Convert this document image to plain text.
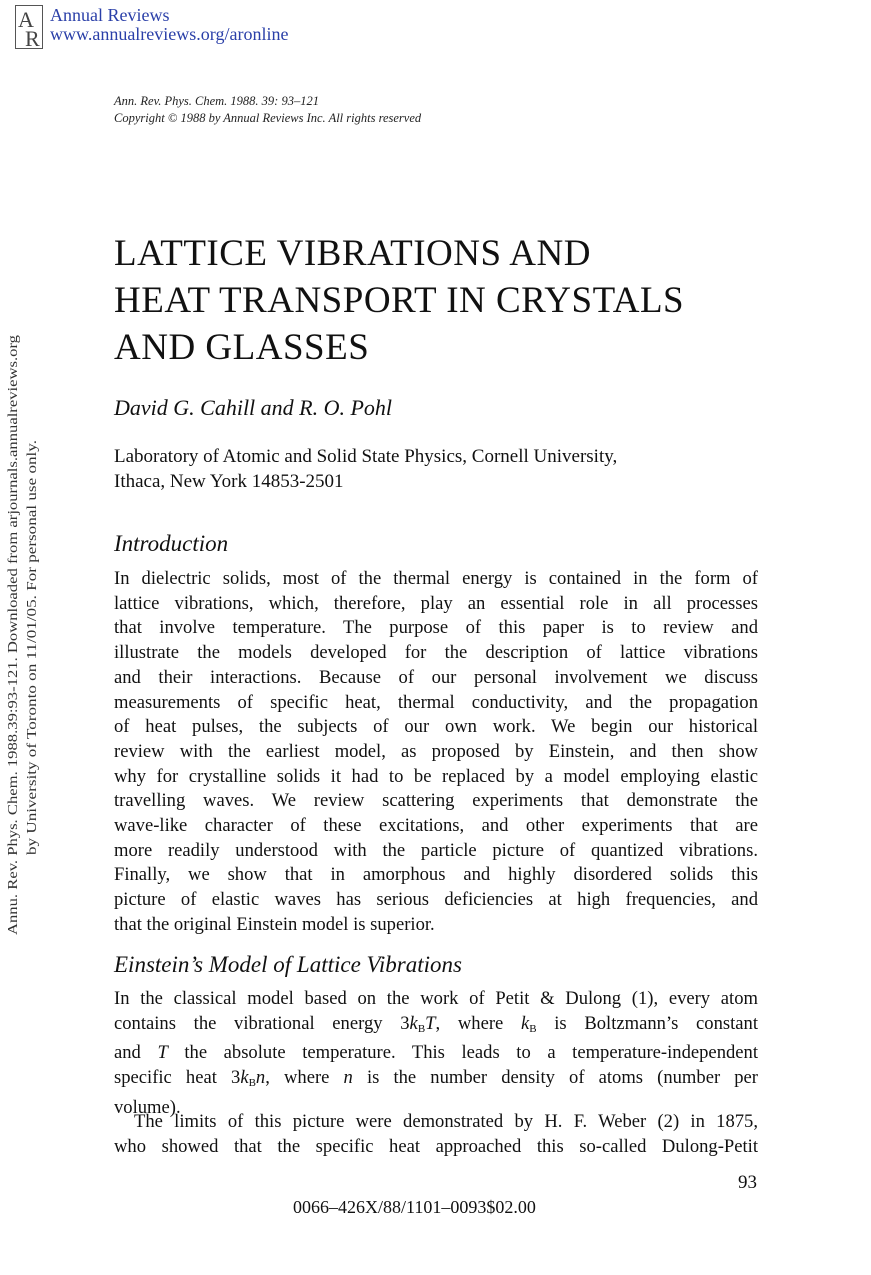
A
R
Annual Reviews
www.annualreviews.org/aronline
Ann. Rev. Phys. Chem. 1988. 39: 93–121
Copyright © 1988 by Annual Reviews Inc. All rights reserved
Annu. Rev. Phys. Chem. 1988.39:93-121. Downloaded from arjournals.annualreviews.org by University of Toronto on 11/01/05. For personal use only.
LATTICE VIBRATIONS AND
HEAT TRANSPORT IN CRYSTALS
AND GLASSES
David G. Cahill and R. O. Pohl
Laboratory of Atomic and Solid State Physics, Cornell University,
Ithaca, New York 14853-2501
Introduction
In dielectric solids, most of the thermal energy is contained in the form of
lattice vibrations, which, therefore, play an essential role in all processes
that involve temperature. The purpose of this paper is to review and
illustrate the models developed for the description of lattice vibrations
and their interactions. Because of our personal involvement we discuss
measurements of specific heat, thermal conductivity, and the propagation
of heat pulses, the subjects of our own work. We begin our historical
review with the earliest model, as proposed by Einstein, and then show
why for crystalline solids it had to be replaced by a model employing elastic
travelling waves. We review scattering experiments that demonstrate the
wave-like character of these excitations, and other experiments that are
more readily understood with the particle picture of quantized vibrations.
Finally, we show that in amorphous and highly disordered solids this
picture of elastic waves has serious deficiencies at high frequencies, and
that the original Einstein model is superior.
Einstein’s Model of Lattice Vibrations
In the classical model based on the work of Petit & Dulong (1), every atom
contains the vibrational energy $3k_BT$, where $k_B$ is Boltzmann’s constant
and T the absolute temperature. This leads to a temperature-independent
specific heat $3k_Bn$, where n is the number density of atoms (number per
volume).
The limits of this picture were demonstrated by H. F. Weber (2) in 1875,
who showed that the specific heat approached this so-called Dulong-Petit
93
0066–426X/88/1101–0093$02.00
